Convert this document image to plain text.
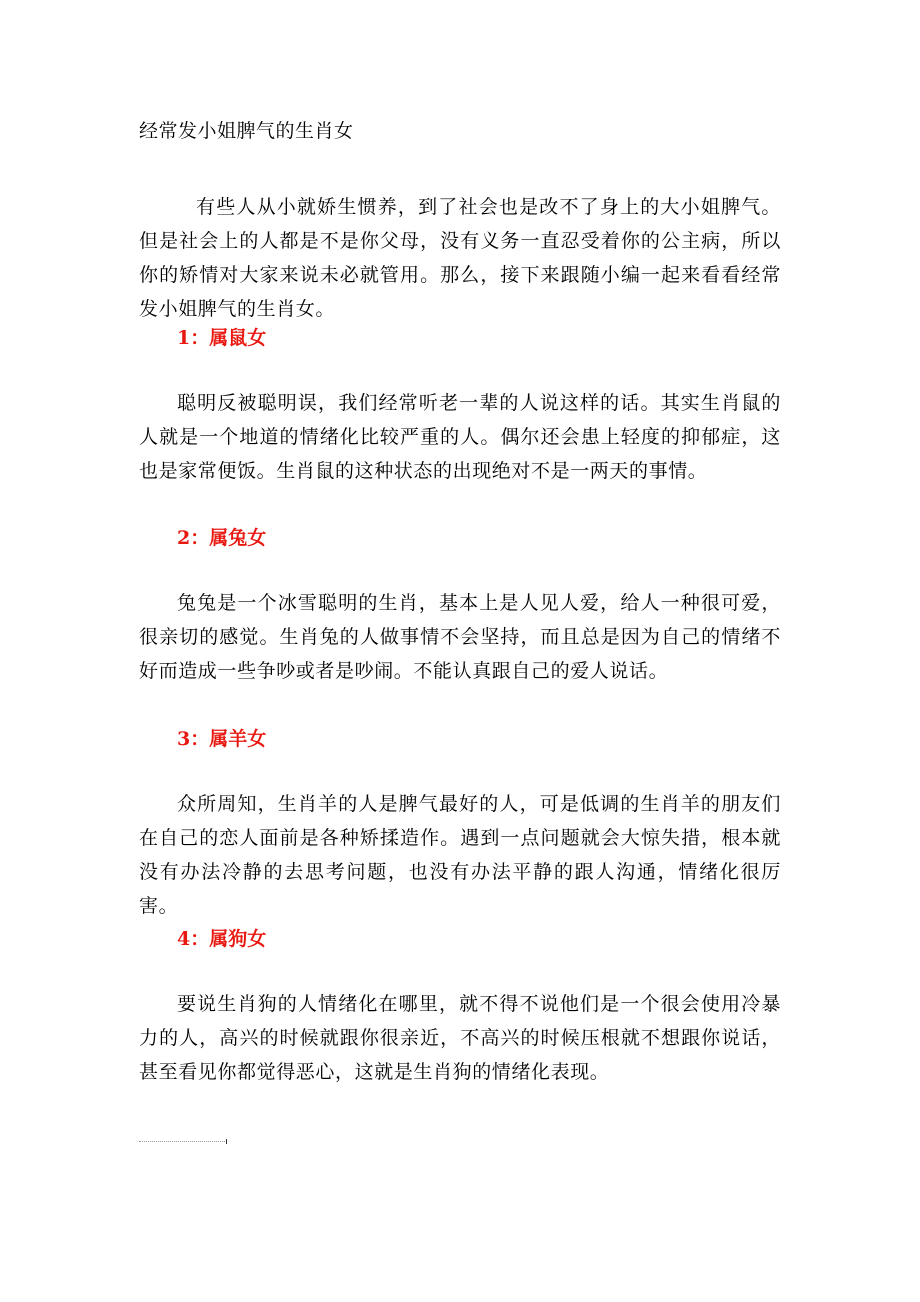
经常发小姐脾气的生肖女

有些人从小就娇生惯养，到了社会也是改不了身上的大小姐脾气。但是社会上的人都是不是你父母，没有义务一直忍受着你的公主病，所以你的矫情对大家来说未必就管用。那么，接下来跟随小编一起来看看经常发小姐脾气的生肖女。

1：属鼠女

聪明反被聪明误，我们经常听老一辈的人说这样的话。其实生肖鼠的人就是一个地道的情绪化比较严重的人。偶尔还会患上轻度的抑郁症，这也是家常便饭。生肖鼠的这种状态的出现绝对不是一两天的事情。

2：属兔女

兔兔是一个冰雪聪明的生肖，基本上是人见人爱，给人一种很可爱，很亲切的感觉。生肖兔的人做事情不会坚持，而且总是因为自己的情绪不好而造成一些争吵或者是吵闹。不能认真跟自己的爱人说话。

3：属羊女

众所周知，生肖羊的人是脾气最好的人，可是低调的生肖羊的朋友们在自己的恋人面前是各种矫揉造作。遇到一点问题就会大惊失措，根本就没有办法冷静的去思考问题，也没有办法平静的跟人沟通，情绪化很厉害。

4：属狗女

要说生肖狗的人情绪化在哪里，就不得不说他们是一个很会使用冷暴力的人，高兴的时候就跟你很亲近，不高兴的时候压根就不想跟你说话，甚至看见你都觉得恶心，这就是生肖狗的情绪化表现。
